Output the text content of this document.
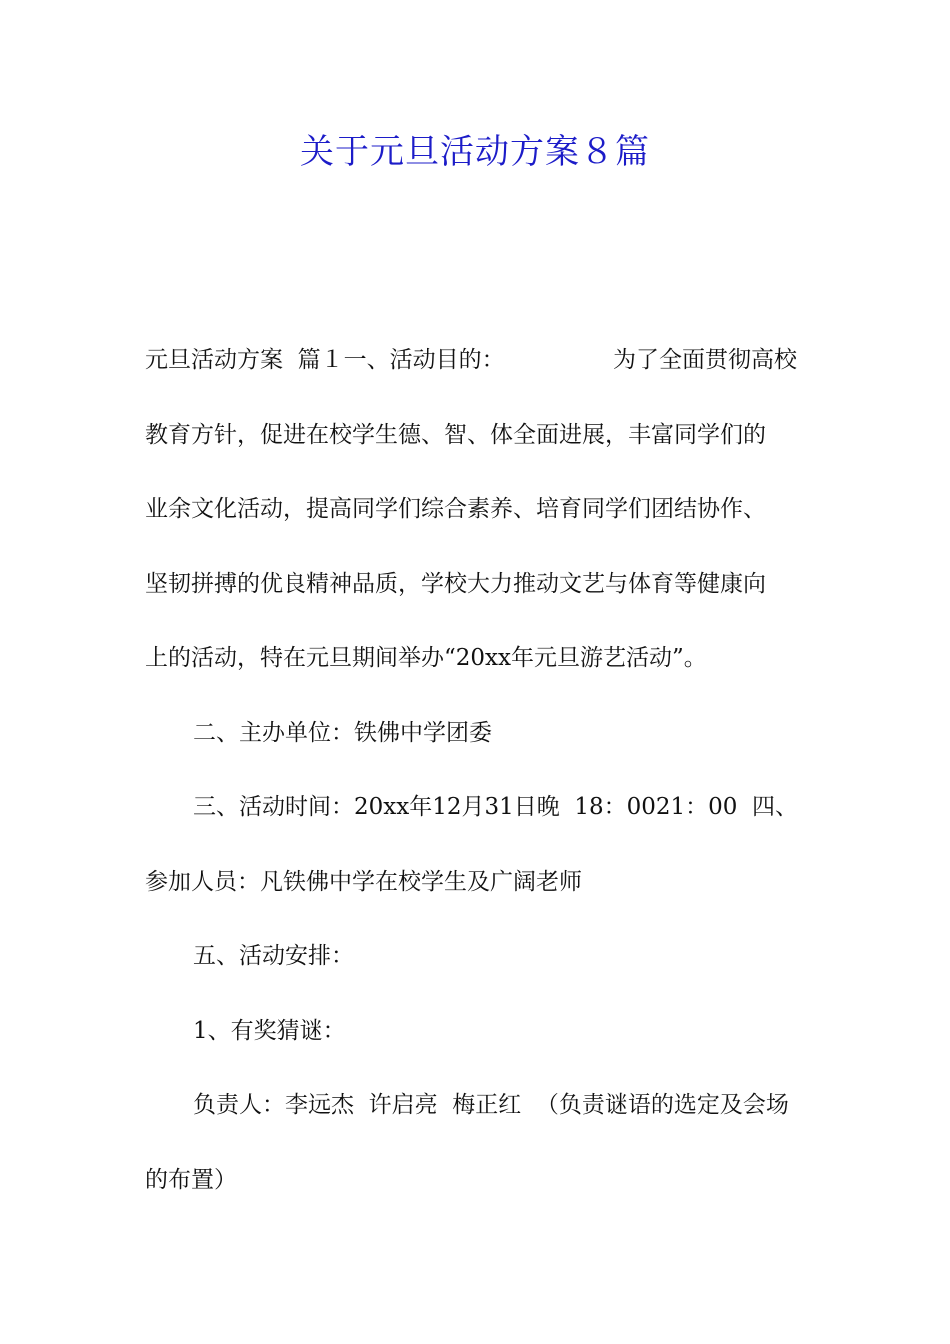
关于元旦活动方案８篇
元旦活动方案  篇１一、活动目的：	为了全面贯彻高校
教育方针，促进在校学生德、智、体全面进展，丰富同学们的
业余文化活动，提高同学们综合素养、培育同学们团结协作、
坚韧拼搏的优良精神品质，学校大力推动文艺与体育等健康向
上的活动，特在元旦期间举办“20xx年元旦游艺活动”。
二、主办单位：铁佛中学团委
三、活动时间：20xx年12月31日晚  18：0021：00  四、
参加人员：凡铁佛中学在校学生及广阔老师
五、活动安排：
1、有奖猜谜：
负责人：李远杰  许启亮  梅正红  （负责谜语的选定及会场
的布置）
